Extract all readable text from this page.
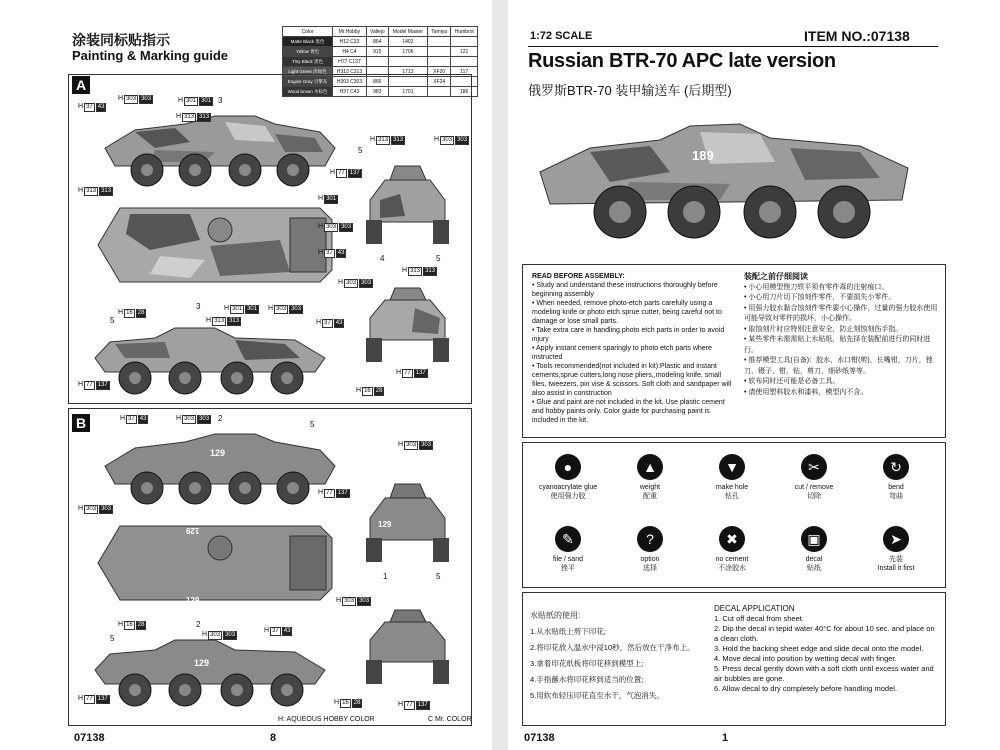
涂装同标贴指示
Painting & Marking guide
Color	Mr.Hobby	Vallejo	Model Master	Tamiya	Humbrol
Matte Black 黑色	H12 C33	864	1402		
Yellow 黄色	H4 C4	915	1706		121
Tiny Black 黑色	H77 C137				
Light Green 淡绿色	H313 C313		1713	XF20	117
Engine Gray 引擎灰	H303 C303	866		XF24	
Wood brown 木棕色	H37 C43	983	1701		186
A
H 37 43
H 303 303	H 301 301
H 313 313
3
5
H 77 137
H 313 313	H 303 303
H 313 313
H 301
H 303 303
H 37 43
4	5
H 313 313
H 303 303
5
3
H 16 28
H 313 313
H 301 301 H 303 303
H 37 43
H 77 137
H 77 137
H 16 28
B
129
129
129
129
129
H 37 43	H 303 303 2
5
H 303 303
H 77 137
H 303 303
1	5
H 303 303
H 16 28
5
2
H 303 303
H 37 43
H 77 137	H 16 28	H 77 137
H: AQUEOUS HOBBY COLOR	C Mr. COLOR
07138	8
1:72 SCALE	ITEM NO.:07138
Russian BTR-70 APC late version
俄罗斯BTR-70 装甲输送车 (后期型)
189
READ BEFORE ASSEMBLY:
• Study and understand these instructions thoroughly before beginning assembly
• When needed, remove photo-etch parts carefully using a modeling knife or photo etch sprue cutter, being careful not to damage or lose small parts.
• Take extra care in handling photo etch parts in order to avoid injury
• Apply instant cement sparingly to photo etch parts where instructed
• Tools recommended(not included in kit):Plastic and instant cements,sprue cutters,long nose pliers,,modeling knife, small files, tweezers, pin vise & scissors. Soft cloth and sandpaper will also assist in construction
• Glue and paint are not included in the kit. Use plastic cement and hobby paints only. Color guide for purchasing paint is included in the kit.
装配之前仔细阅读
• 小心用模型锉刀铁平须有零件毒的注射痕口。
• 小心用刀片切下蚀刻件零件，不要损失小零件。
• 用强力胶水黏合蚀刻件零件要小心操作，过量的强力胶水使用可能导致对零件的损坏，小心操作。
• 取蚀刻片时应特别注意安全，防止刻蚀刻伤手指。
• 某些零件未需需贴上水贴纸，贴先择在装配前进行的同时进行。
• 推荐模型工具(自备)：胶水，水口钳(剪)，长嘴钳，刀片，锉刀，镊子，钳，钻，剪刀，细砂纸等等。
• 软布同时还可能是必备工具。
• 请使用塑料胶水和漆料，模型内不含。
●
cyanoacrylate glue
使用强力胶
▲
weight
配重
▼
make hole
钻孔
✂
cut / remove
切除
↻
bend
弯曲
✎
file / sand
锉平
?
option
选择
✖
no cement
不涂胶水
▣
decal
贴纸
➤
先装
Install it first
水贴纸的使用:
1.从水贴纸上剪下印花;
2.将印花放入温水中浸10秒，然后放在干净布上。
3.拿着印花纸板将印花移到模型上;
4.手指蘸水将印花移到适当的位置;
5.用软布轻压印花直至水干，气泡消失。
DECAL APPLICATION
1. Cut off decal from sheet.
2. Dip the decal in tepid water 40°C for about 10 sec. and place on a clean cloth.
3. Hold the backing sheet edge and slide decal onto the model.
4. Move decal into position by wetting decal with finger.
5. Press decal gently down with a soft cloth until excess water and air bubbles are gone.
6. Allow decal to dry completely before handling model.
07138	1
